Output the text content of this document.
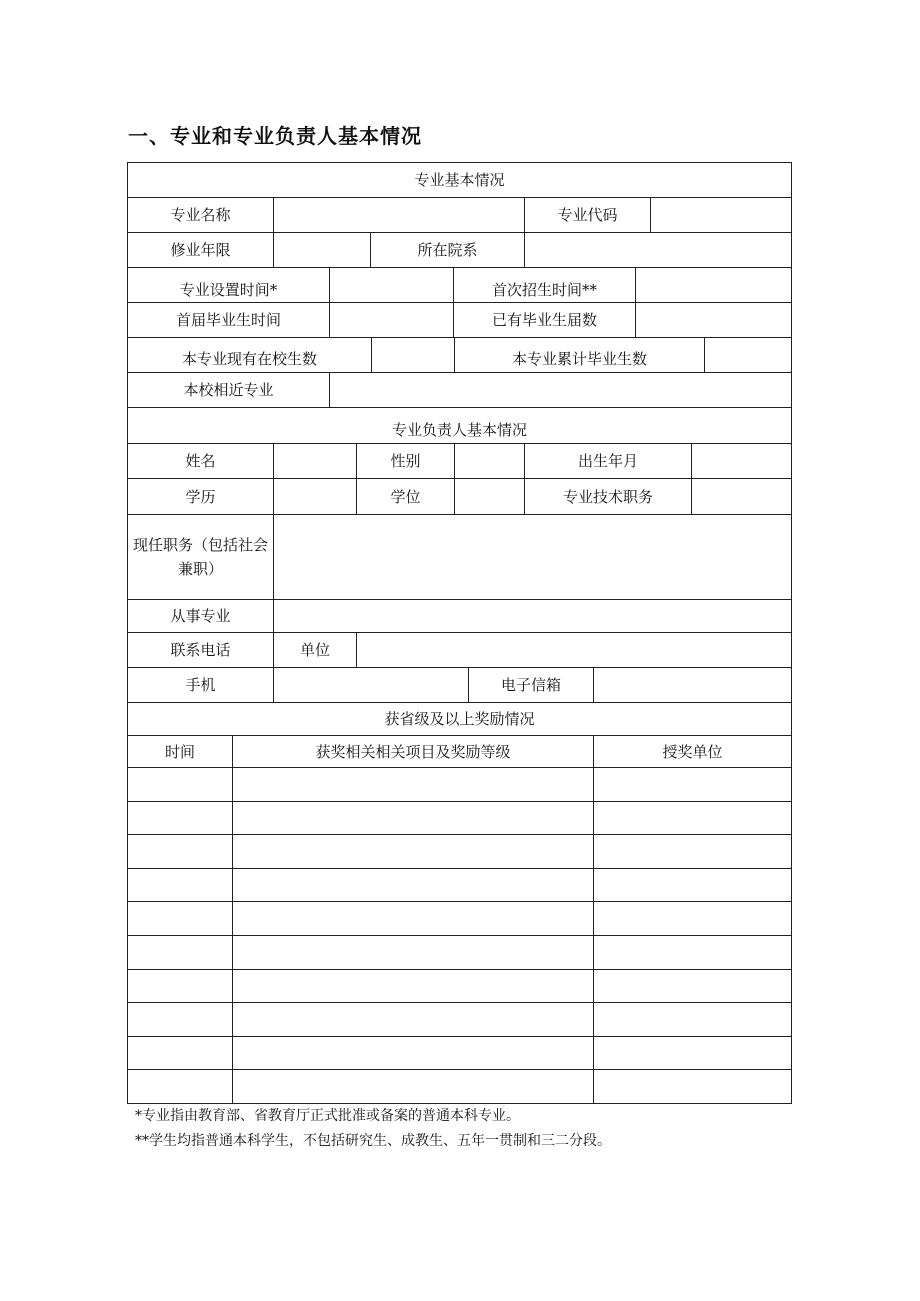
一、专业和专业负责人基本情况
专业基本情况
专业名称	专业代码
修业年限	所在院系
专业设置时间*	首次招生时间**
首届毕业生时间	已有毕业生届数
本专业现有在校生数	本专业累计毕业生数
本校相近专业
专业负责人基本情况
姓名	性别	出生年月
学历	学位	专业技术职务
现任职务（包括社会兼职）
从事专业
联系电话	单位
手机	电子信箱
获省级及以上奖励情况
时间	获奖相关相关项目及奖励等级	授奖单位
*专业指由教育部、省教育厅正式批准或备案的普通本科专业。
**学生均指普通本科学生，不包括研究生、成教生、五年一贯制和三二分段。
